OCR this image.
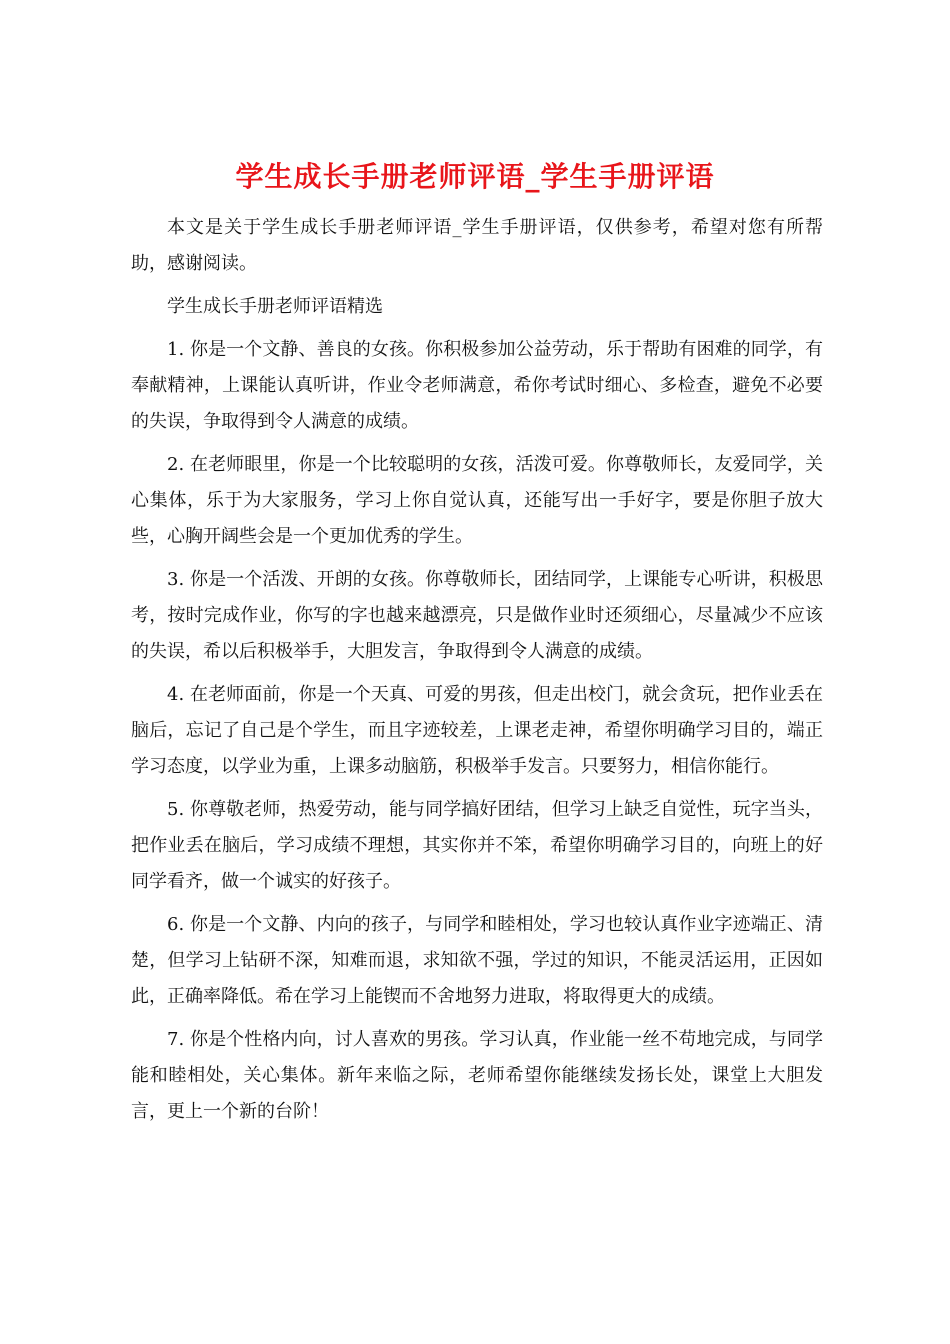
学生成长手册老师评语_学生手册评语

本文是关于学生成长手册老师评语_学生手册评语，仅供参考，希望对您有所帮助，感谢阅读。

学生成长手册老师评语精选

1. 你是一个文静、善良的女孩。你积极参加公益劳动，乐于帮助有困难的同学，有奉献精神，上课能认真听讲，作业令老师满意，希你考试时细心、多检查，避免不必要的失误，争取得到令人满意的成绩。

2. 在老师眼里，你是一个比较聪明的女孩，活泼可爱。你尊敬师长，友爱同学，关心集体，乐于为大家服务，学习上你自觉认真，还能写出一手好字，要是你胆子放大些，心胸开阔些会是一个更加优秀的学生。

3. 你是一个活泼、开朗的女孩。你尊敬师长，团结同学，上课能专心听讲，积极思考，按时完成作业，你写的字也越来越漂亮，只是做作业时还须细心，尽量减少不应该的失误，希以后积极举手，大胆发言，争取得到令人满意的成绩。

4. 在老师面前，你是一个天真、可爱的男孩，但走出校门，就会贪玩，把作业丢在脑后，忘记了自己是个学生，而且字迹较差，上课老走神，希望你明确学习目的，端正学习态度，以学业为重，上课多动脑筋，积极举手发言。只要努力，相信你能行。

5. 你尊敬老师，热爱劳动，能与同学搞好团结，但学习上缺乏自觉性，玩字当头，把作业丢在脑后，学习成绩不理想，其实你并不笨，希望你明确学习目的，向班上的好同学看齐，做一个诚实的好孩子。

6. 你是一个文静、内向的孩子，与同学和睦相处，学习也较认真作业字迹端正、清楚，但学习上钻研不深，知难而退，求知欲不强，学过的知识，不能灵活运用，正因如此，正确率降低。希在学习上能锲而不舍地努力进取，将取得更大的成绩。

7. 你是个性格内向，讨人喜欢的男孩。学习认真，作业能一丝不苟地完成，与同学能和睦相处，关心集体。新年来临之际，老师希望你能继续发扬长处，课堂上大胆发言，更上一个新的台阶！
